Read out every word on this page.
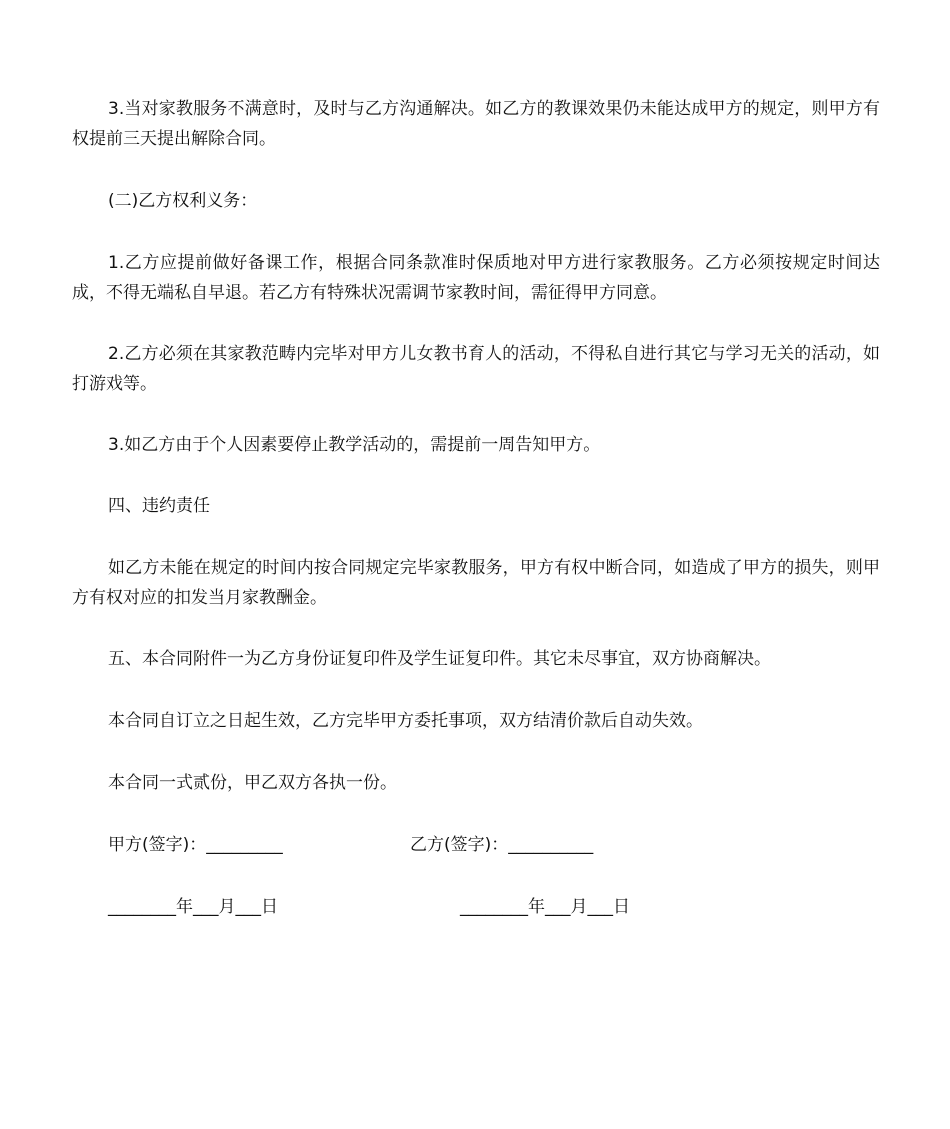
3.当对家教服务不满意时，及时与乙方沟通解决。如乙方的教课效果仍未能达成甲方的规定，则甲方有权提前三天提出解除合同。

(二)乙方权利义务：

1.乙方应提前做好备课工作，根据合同条款准时保质地对甲方进行家教服务。乙方必须按规定时间达成，不得无端私自早退。若乙方有特殊状况需调节家教时间，需征得甲方同意。

2.乙方必须在其家教范畴内完毕对甲方儿女教书育人的活动，不得私自进行其它与学习无关的活动，如打游戏等。

3.如乙方由于个人因素要停止教学活动的，需提前一周告知甲方。

四、违约责任

如乙方未能在规定的时间内按合同规定完毕家教服务，甲方有权中断合同，如造成了甲方的损失，则甲方有权对应的扣发当月家教酬金。

五、本合同附件一为乙方身份证复印件及学生证复印件。其它未尽事宜，双方协商解决。

本合同自订立之日起生效，乙方完毕甲方委托事项，双方结清价款后自动失效。

本合同一式贰份，甲乙双方各执一份。

甲方(签字)：_________	乙方(签字)：__________
________年___月___日	________年___月___日
